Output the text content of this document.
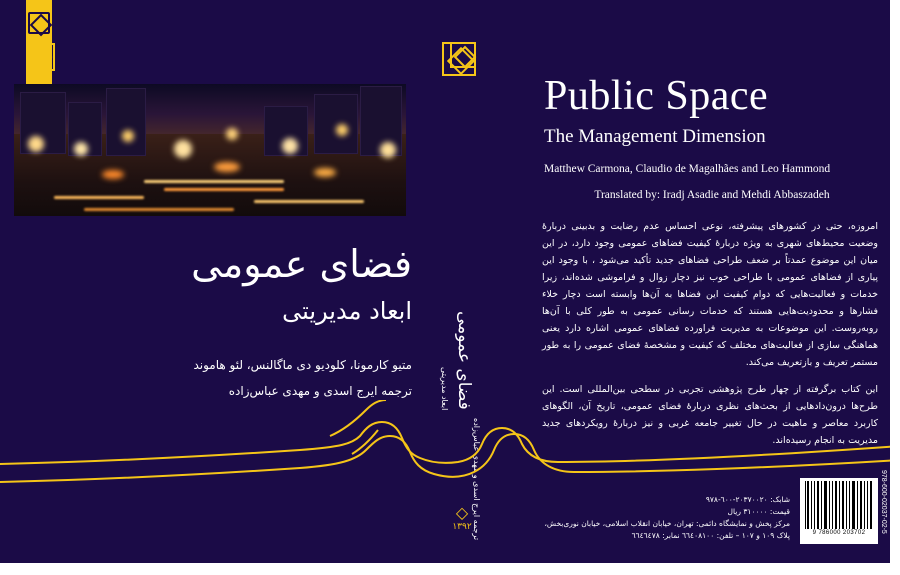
فضای عمومی
ابعاد مدیریتی
متیو کارمونا، کلودیو دی ماگالنس، لئو هاموند
ترجمه ایرج اسدی و مهدی عباس‌زاده فضای عمومی
ابعاد مدیریتی
ترجمه ایرج اسدی و مهدی عباس‌زاده
Public Space
The Management Dimension
Matthew Carmona, Claudio de Magalhães and Leo Hammond
Translated by: Iradj Asadie and Mehdi Abbaszadeh

امروزه، حتی در کشورهای پیشرفته، نوعی احساس عدم رضایت و بدبینی دربارهٔ وضعیت محیط‌های شهری به ویژه دربارهٔ کیفیت فضاهای عمومی وجود دارد، در این میان این موضوع عمدتاً بر ضعف طراحی فضاهای جدید تأکید می‌شود ، با وجود این پیاری از فضاهای عمومی با طراحی خوب نیز دچار زوال و فراموشی شده‌اند، زیرا خدمات و فعالیت‌هایی که دوام کیفیت این فضاها به آن‌ها وابسته است دچار خلاء فشارها و محدودیت‌هایی هستند که خدمات رسانی عمومی به طور کلی با آن‌ها روبه‌روست. این موضوعات به مدیریت فراورده فضاهای عمومی اشاره دارد یعنی هماهنگی سازی از فعالیت‌های مختلف که کیفیت و مشخصهٔ فضای عمومی را به طور مستمر تعریف و بازتعریف می‌کند.

این کتاب برگرفته از چهار طرح پژوهشی تجربی در سطحی بین‌المللی است. این طرح‌ها درون‌دادهایی از بحث‌های نظری دربارهٔ فضای عمومی، تاریخ آن، الگوهای کاربرد معاصر و ماهیت در حال تغییر جامعه غربی و نیز دربارهٔ رویکردهای جدید مدیریت به انجام رسیده‌اند.

9 786000 203702	978-600-02037-02-5
شابک: ٢٠٣٧٠٠٢٠-٦٠٠-٩٧٨
قیمت: ٣١٠٠٠٠ ریال
مرکز پخش و نمایشگاه دائمی: تهران، خیابان انقلاب اسلامی، خیابان نوری‌بخش،
پلاک ١٠٩ و ١٠٧ – تلفن: ٦٦٤٠٨١٠٠ نمابر: ٦٦٤٦٤٧٨
◇
١٣٩٢
